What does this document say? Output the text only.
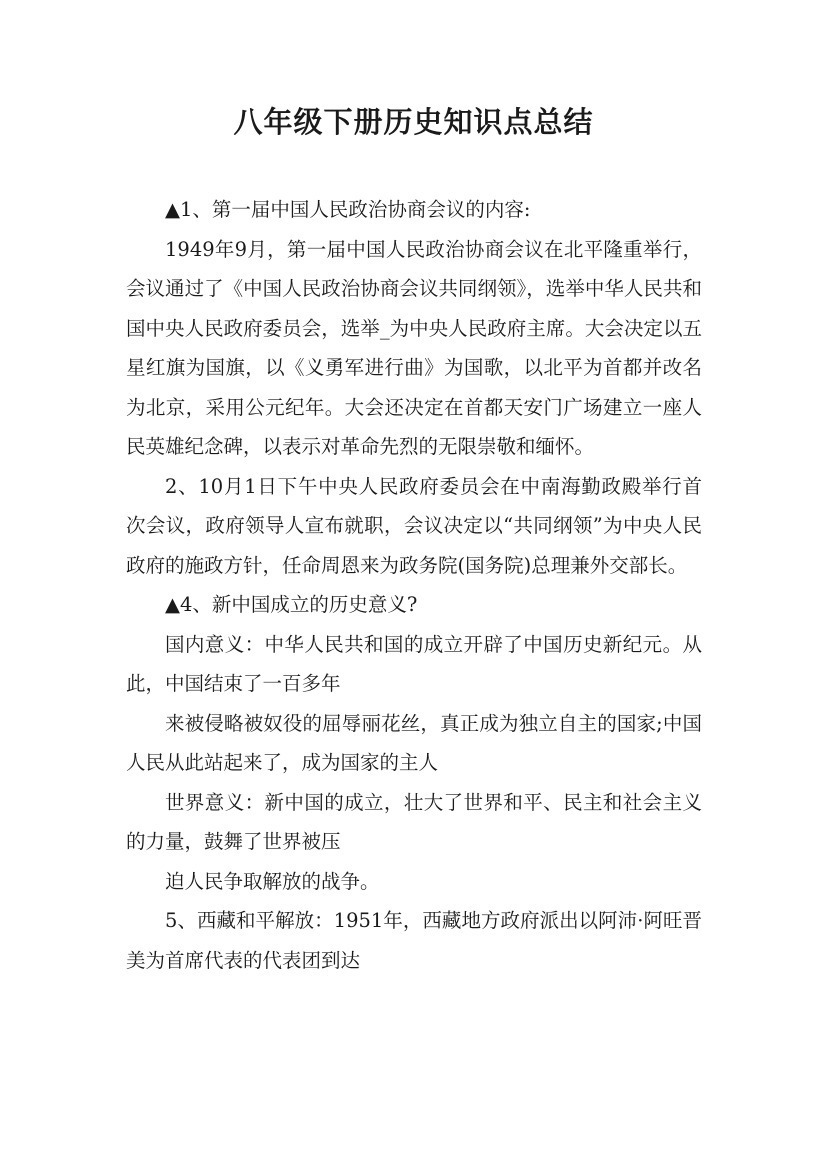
八年级下册历史知识点总结

▲1、第一届中国人民政治协商会议的内容:

1949年9月，第一届中国人民政治协商会议在北平隆重举行，会议通过了《中国人民政治协商会议共同纲领》，选举中华人民共和国中央人民政府委员会，选举_为中央人民政府主席。大会决定以五星红旗为国旗，以《义勇军进行曲》为国歌，以北平为首都并改名为北京，采用公元纪年。大会还决定在首都天安门广场建立一座人民英雄纪念碑，以表示对革命先烈的无限崇敬和缅怀。

2、10月1日下午中央人民政府委员会在中南海勤政殿举行首次会议，政府领导人宣布就职，会议决定以“共同纲领”为中央人民政府的施政方针，任命周恩来为政务院(国务院)总理兼外交部长。

▲4、新中国成立的历史意义?

国内意义：中华人民共和国的成立开辟了中国历史新纪元。从此，中国结束了一百多年

来被侵略被奴役的屈辱丽花丝，真正成为独立自主的国家;中国人民从此站起来了，成为国家的主人

世界意义：新中国的成立，壮大了世界和平、民主和社会主义的力量，鼓舞了世界被压

迫人民争取解放的战争。

5、西藏和平解放：1951年，西藏地方政府派出以阿沛·阿旺晋美为首席代表的代表团到达
